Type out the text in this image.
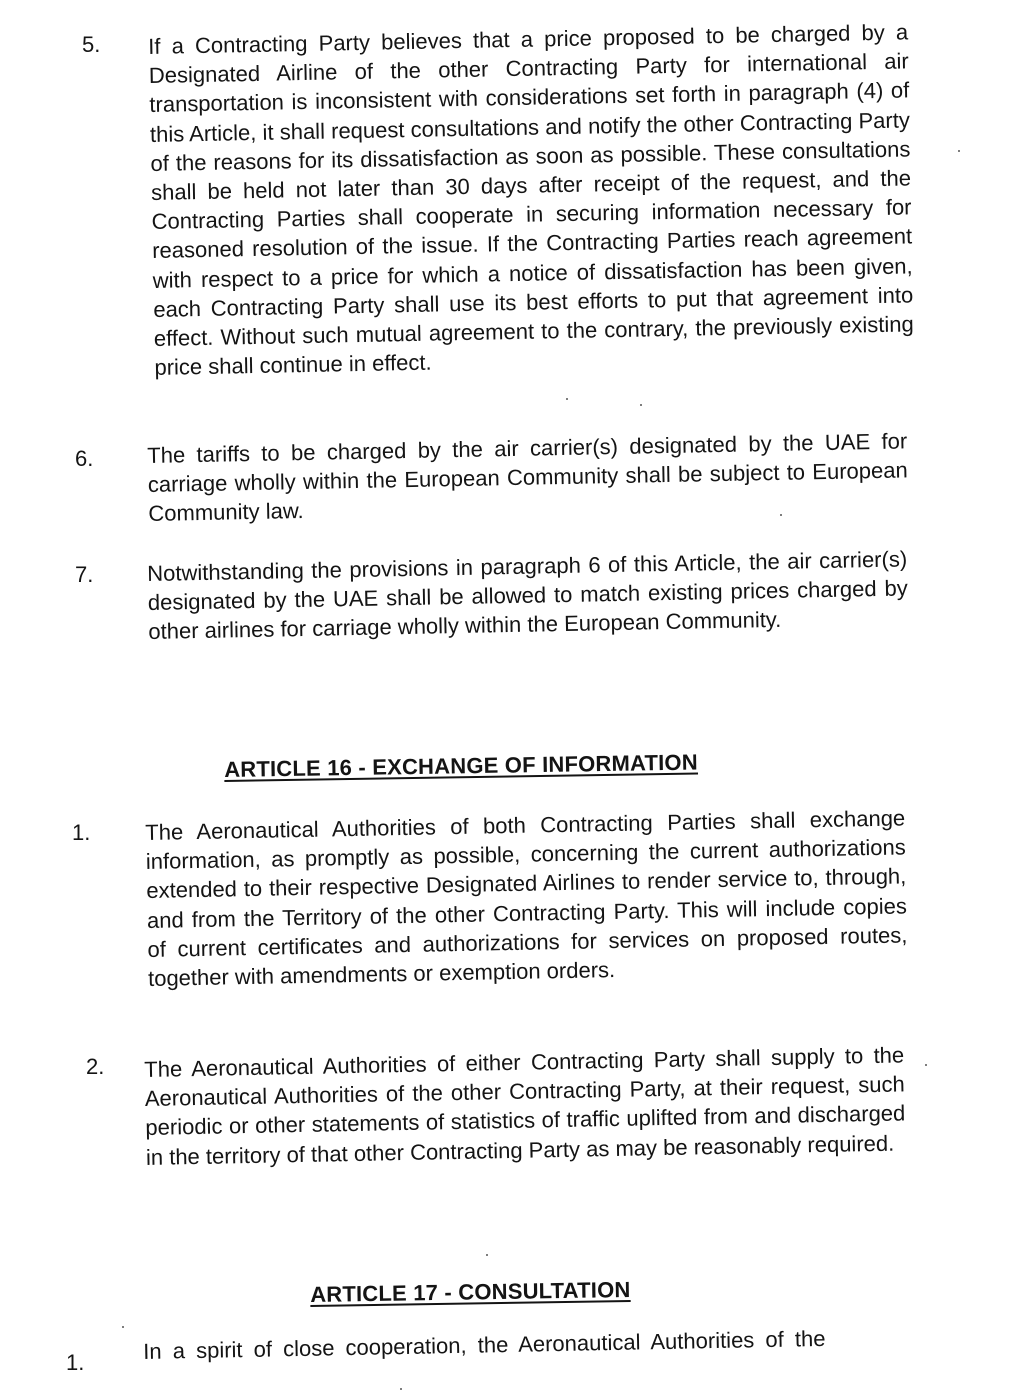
5. If a Contracting Party believes that a price proposed to be charged by a Designated Airline of the other Contracting Party for international air transportation is inconsistent with considerations set forth in paragraph (4) of this Article, it shall request consultations and notify the other Contracting Party of the reasons for its dissatisfaction as soon as possible. These consultations shall be held not later than 30 days after receipt of the request, and the Contracting Parties shall cooperate in securing information necessary for reasoned resolution of the issue. If the Contracting Parties reach agreement with respect to a price for which a notice of dissatisfaction has been given, each Contracting Party shall use its best efforts to put that agreement into effect. Without such mutual agreement to the contrary, the previously existing price shall continue in effect.
6. The tariffs to be charged by the air carrier(s) designated by the UAE for carriage wholly within the European Community shall be subject to European Community law.
7. Notwithstanding the provisions in paragraph 6 of this Article, the air carrier(s) designated by the UAE shall be allowed to match existing prices charged by other airlines for carriage wholly within the European Community.
ARTICLE 16 - EXCHANGE OF INFORMATION
1. The Aeronautical Authorities of both Contracting Parties shall exchange information, as promptly as possible, concerning the current authorizations extended to their respective Designated Airlines to render service to, through, and from the Territory of the other Contracting Party. This will include copies of current certificates and authorizations for services on proposed routes, together with amendments or exemption orders.
2. The Aeronautical Authorities of either Contracting Party shall supply to the Aeronautical Authorities of the other Contracting Party, at their request, such periodic or other statements of statistics of traffic uplifted from and discharged in the territory of that other Contracting Party as may be reasonably required.
ARTICLE 17 - CONSULTATION
1.	In a spirit of close cooperation, the Aeronautical Authorities of the
